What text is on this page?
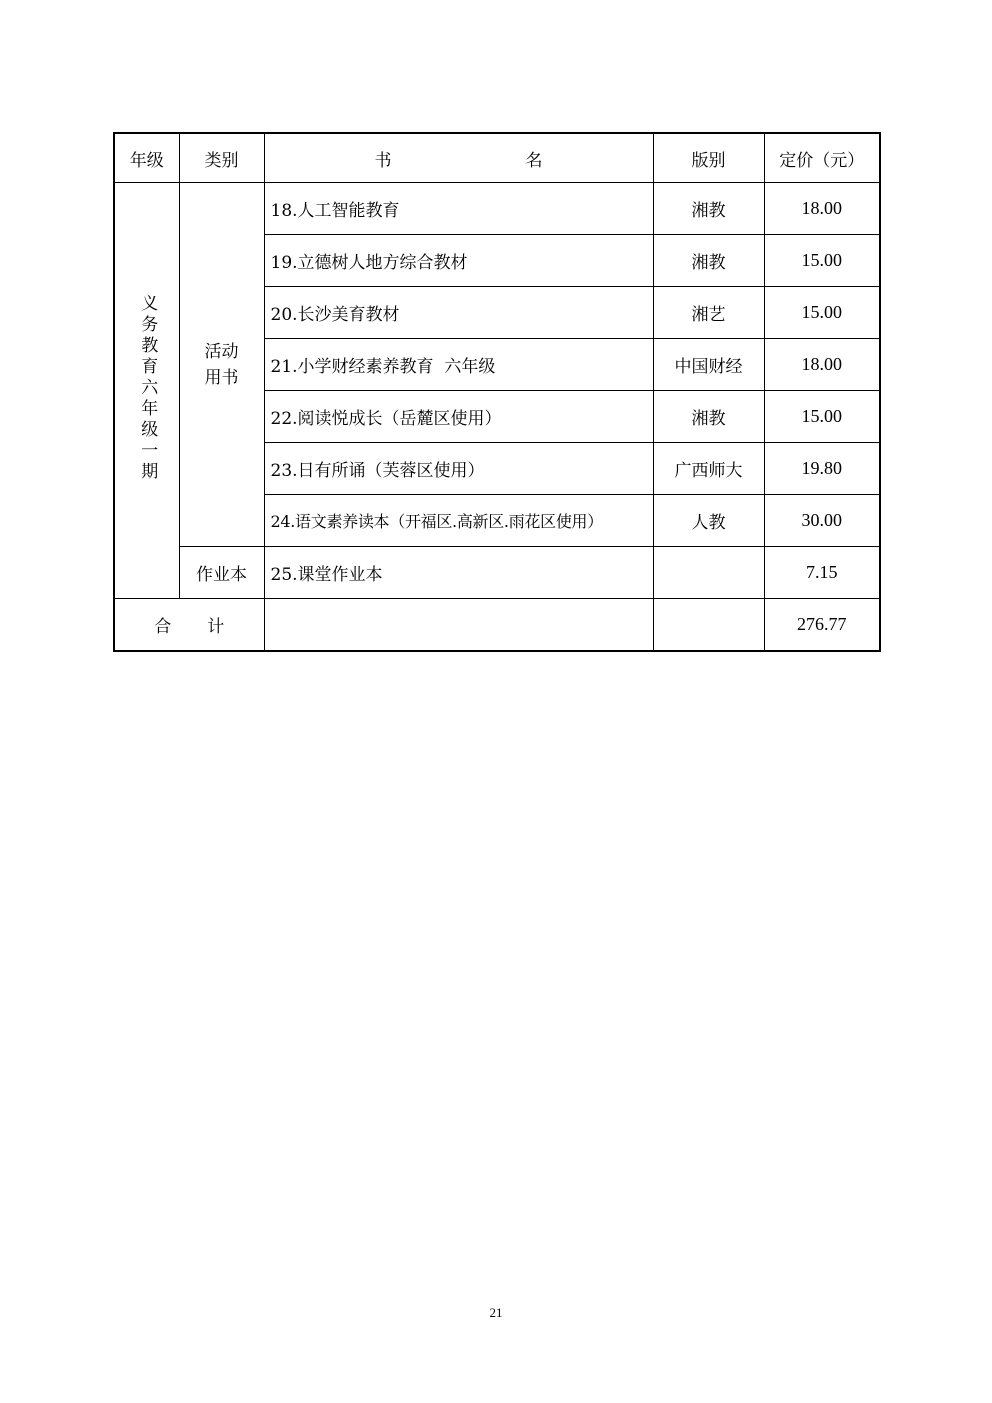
年级	类别	书 名	版别	定价（元）
义务教育六年级一期	活动用书	18.人工智能教育	湘教	18.00
		19.立德树人地方综合教材	湘教	15.00
		20.长沙美育教材	湘艺	15.00
		21.小学财经素养教育  六年级	中国财经	18.00
		22.阅读悦成长（岳麓区使用）	湘教	15.00
		23.日有所诵（芙蓉区使用）	广西师大	19.80
		24.语文素养读本（开福区.高新区.雨花区使用）	人教	30.00
	作业本	25.课堂作业本		7.15

合 计				276.77
21
